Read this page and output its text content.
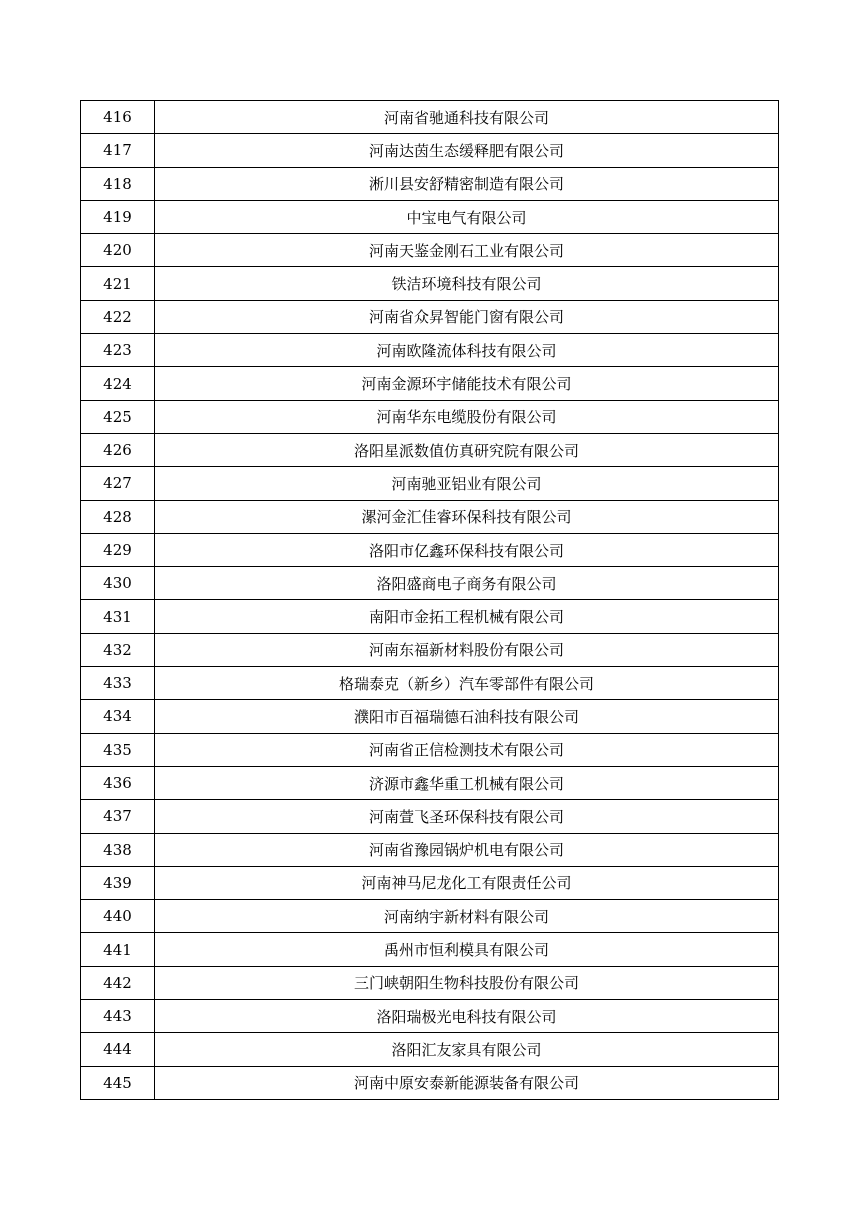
416	河南省驰通科技有限公司
417	河南达茵生态缓释肥有限公司
418	淅川县安舒精密制造有限公司
419	中宝电气有限公司
420	河南天鉴金刚石工业有限公司
421	铁洁环境科技有限公司
422	河南省众昇智能门窗有限公司
423	河南欧隆流体科技有限公司
424	河南金源环宇储能技术有限公司
425	河南华东电缆股份有限公司
426	洛阳星派数值仿真研究院有限公司
427	河南驰亚铝业有限公司
428	漯河金汇佳睿环保科技有限公司
429	洛阳市亿鑫环保科技有限公司
430	洛阳盛商电子商务有限公司
431	南阳市金拓工程机械有限公司
432	河南东福新材料股份有限公司
433	格瑞泰克（新乡）汽车零部件有限公司
434	濮阳市百福瑞德石油科技有限公司
435	河南省正信检测技术有限公司
436	济源市鑫华重工机械有限公司
437	河南萱飞圣环保科技有限公司
438	河南省豫园锅炉机电有限公司
439	河南神马尼龙化工有限责任公司
440	河南纳宇新材料有限公司
441	禹州市恒利模具有限公司
442	三门峡朝阳生物科技股份有限公司
443	洛阳瑞极光电科技有限公司
444	洛阳汇友家具有限公司
445	河南中原安泰新能源装备有限公司
